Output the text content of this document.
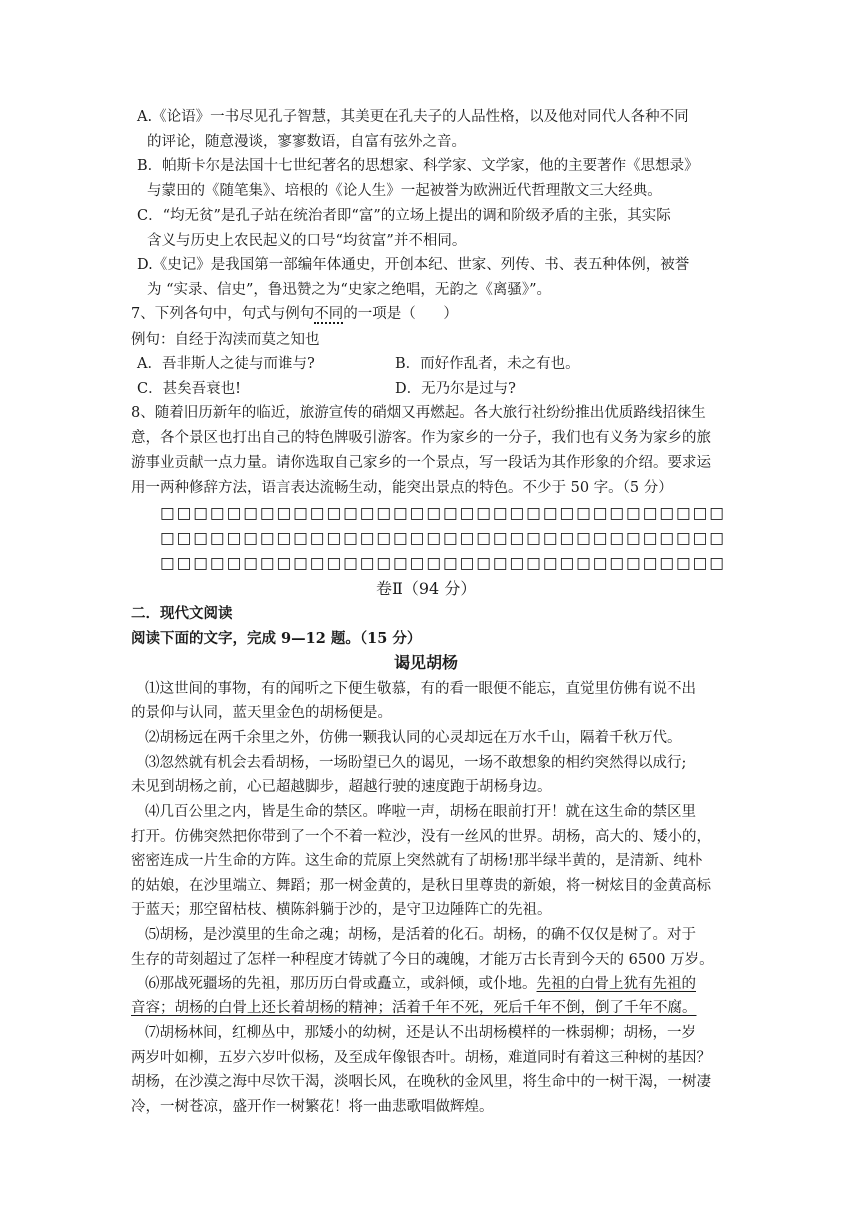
A.《论语》一书尽见孔子智慧，其美更在孔夫子的人品性格，以及他对同代人各种不同
的评论，随意漫谈，寥寥数语，自富有弦外之音。
B．帕斯卡尔是法国十七世纪著名的思想家、科学家、文学家，他的主要著作《思想录》
与蒙田的《随笔集》、培根的《论人生》一起被誉为欧洲近代哲理散文三大经典。
C．“均无贫”是孔子站在统治者即“富”的立场上提出的调和阶级矛盾的主张，其实际
含义与历史上农民起义的口号“均贫富”并不相同。
D.《史记》是我国第一部编年体通史，开创本纪、世家、列传、书、表五种体例，被誉
为 “实录、信史”，鲁迅赞之为“史家之绝唱，无韵之《离骚》”。
7、下列各句中，句式与例句不同的一项是（      ）
例句：自经于沟渎而莫之知也
A．吾非斯人之徒与而谁与?	B．而好作乱者，未之有也。
C．甚矣吾衰也!	D．无乃尔是过与?
8、随着旧历新年的临近，旅游宣传的硝烟又再燃起。各大旅行社纷纷推出优质路线招徕生
意，各个景区也打出自己的特色牌吸引游客。作为家乡的一分子，我们也有义务为家乡的旅
游事业贡献一点力量。请你选取自己家乡的一个景点，写一段话为其作形象的介绍。要求运
用一两种修辞方法，语言表达流畅生动，能突出景点的特色。不少于 50 字。（5 分）
□□□□□□□□□□□□□□□□□□□□□□□□□□□□□□□□□□
□□□□□□□□□□□□□□□□□□□□□□□□□□□□□□□□□□
□□□□□□□□□□□□□□□□□□□□□□□□□□□□□□□□□□
卷Ⅱ（94 分）
二．现代文阅读
阅读下面的文字，完成 9—12 题。（15 分）
谒见胡杨
⑴这世间的事物，有的闻听之下便生敬慕，有的看一眼便不能忘，直觉里仿佛有说不出
的景仰与认同，蓝天里金色的胡杨便是。
⑵胡杨远在两千余里之外，仿佛一颗我认同的心灵却远在万水千山，隔着千秋万代。
⑶忽然就有机会去看胡杨，一场盼望已久的谒见，一场不敢想象的相约突然得以成行;
未见到胡杨之前，心已超越脚步，超越行驶的速度跑于胡杨身边。
⑷几百公里之内，皆是生命的禁区。哗啦一声，胡杨在眼前打开！就在这生命的禁区里
打开。仿佛突然把你带到了一个不着一粒沙，没有一丝风的世界。胡杨，高大的、矮小的，
密密连成一片生命的方阵。这生命的荒原上突然就有了胡杨!那半绿半黄的，是清新、纯朴
的姑娘，在沙里端立、舞蹈；那一树金黄的，是秋日里尊贵的新娘，将一树炫目的金黄高标
于蓝天；那空留枯枝、横陈斜躺于沙的，是守卫边陲阵亡的先祖。
⑸胡杨，是沙漠里的生命之魂；胡杨，是活着的化石。胡杨，的确不仅仅是树了。对于
生存的苛刻超过了怎样一种程度才铸就了今日的魂魄，才能万古长青到今天的 6500 万岁。
⑹那战死疆场的先祖，那历历白骨或矗立，或斜倾，或仆地。先祖的白骨上犹有先祖的
音容；胡杨的白骨上还长着胡杨的精神；活着千年不死，死后千年不倒，倒了千年不腐。
⑺胡杨林间，红柳丛中，那矮小的幼树，还是认不出胡杨模样的一株弱柳；胡杨，一岁
两岁叶如柳，五岁六岁叶似杨，及至成年像银杏叶。胡杨，难道同时有着这三种树的基因？
胡杨，在沙漠之海中尽饮干渴，淡咽长风，在晚秋的金风里，将生命中的一树干渴，一树凄
冷，一树苍凉，盛开作一树繁花！将一曲悲歌唱做辉煌。
